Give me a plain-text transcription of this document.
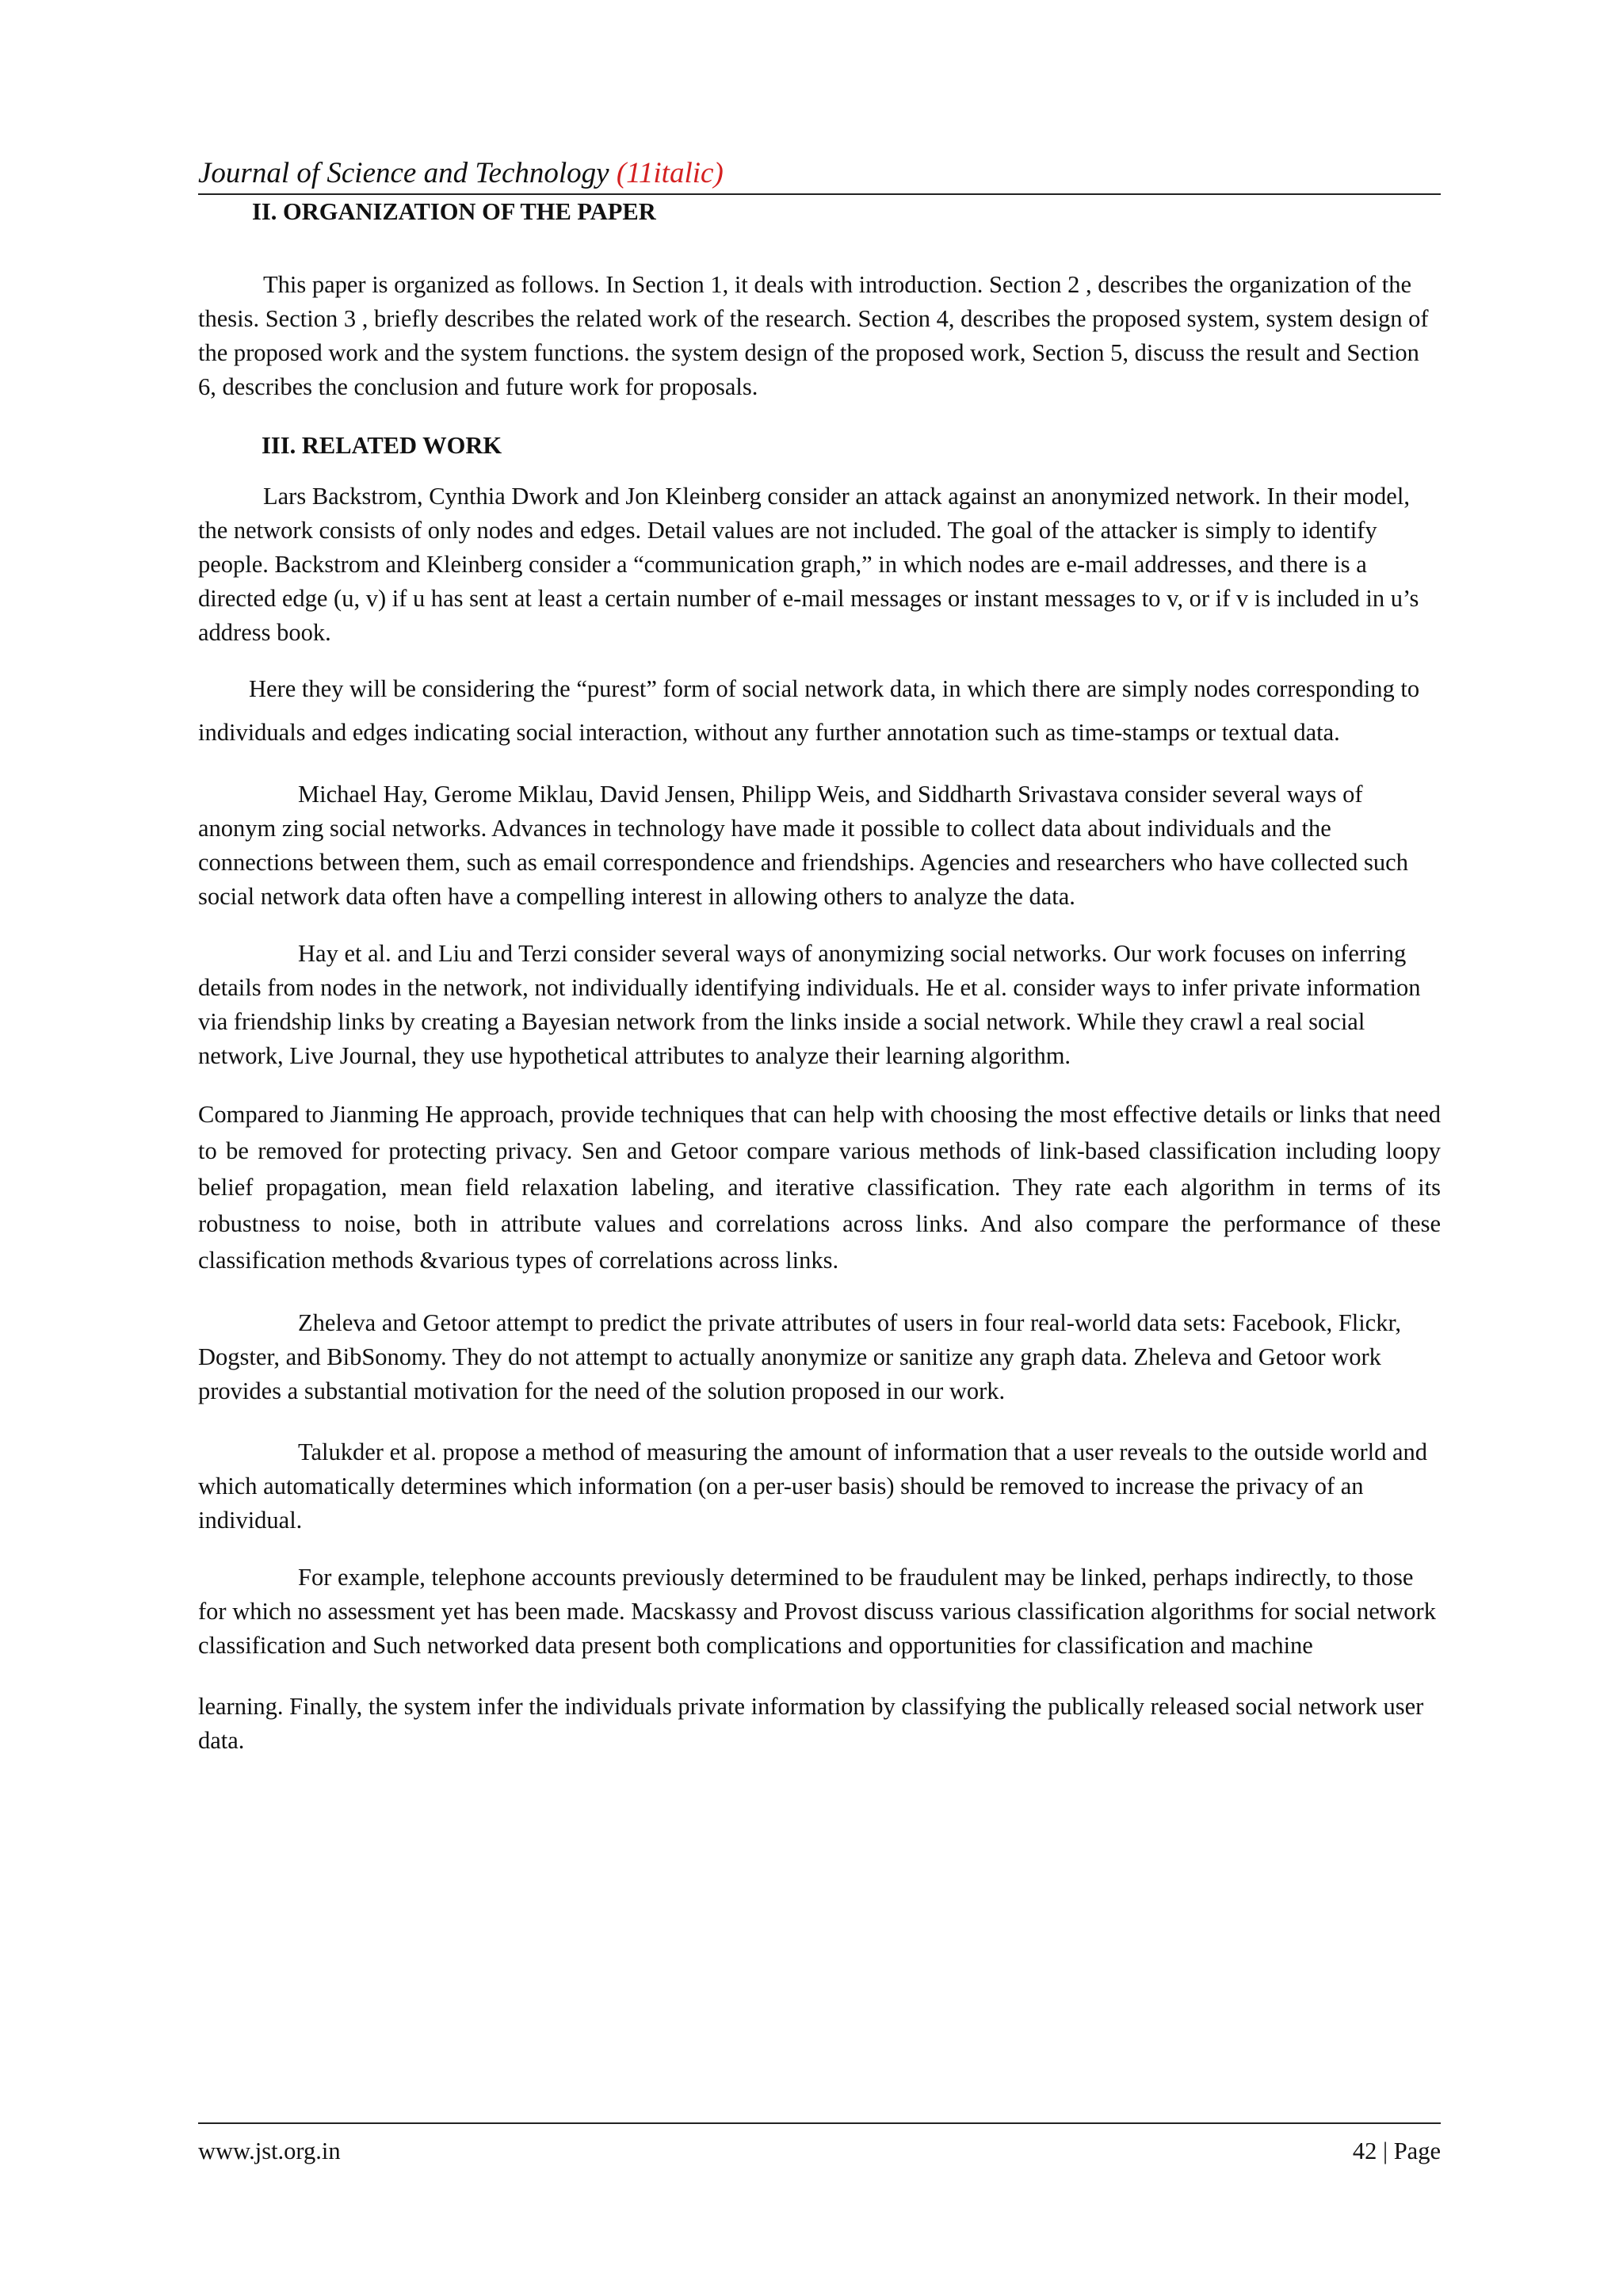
Journal of Science and Technology (11italic)

II. ORGANIZATION OF THE PAPER

This paper is organized as follows. In Section 1, it deals with introduction. Section 2 , describes the organization of the thesis. Section 3 , briefly describes the related work of the research. Section 4, describes the proposed system, system design of the proposed work and the system functions. the system design of the proposed work, Section 5, discuss the result and Section 6, describes the conclusion and future work for proposals.

III. RELATED WORK

Lars Backstrom, Cynthia Dwork and Jon Kleinberg consider an attack against an anonymized network. In their model, the network consists of only nodes and edges. Detail values are not included. The goal of the attacker is simply to identify people. Backstrom and Kleinberg consider a “communication graph,” in which nodes are e-mail addresses, and there is a directed edge (u, v) if u has sent at least a certain number of e-mail messages or instant messages to v, or if v is included in u’s address book.

Here they will be considering the “purest” form of social network data, in which there are simply nodes corresponding to individuals and edges indicating social interaction, without any further annotation such as time-stamps or textual data.

Michael Hay, Gerome Miklau, David Jensen, Philipp Weis, and Siddharth Srivastava consider several ways of anonym zing social networks. Advances in technology have made it possible to collect data about individuals and the connections between them, such as email correspondence and friendships. Agencies and researchers who have collected such social network data often have a compelling interest in allowing others to analyze the data.

Hay et al. and Liu and Terzi consider several ways of anonymizing social networks. Our work focuses on inferring details from nodes in the network, not individually identifying individuals. He et al. consider ways to infer private information via friendship links by creating a Bayesian network from the links inside a social network. While they crawl a real social network, Live Journal, they use hypothetical attributes to analyze their learning algorithm.

Compared to Jianming He approach, provide techniques that can help with choosing the most effective details or links that need to be removed for protecting privacy. Sen and Getoor compare various methods of link-based classification including loopy belief propagation, mean field relaxation labeling, and iterative classification. They rate each algorithm in terms of its robustness to noise, both in attribute values and correlations across links. And also compare the performance of these classification methods &various types of correlations across links.

Zheleva and Getoor attempt to predict the private attributes of users in four real-world data sets: Facebook, Flickr, Dogster, and BibSonomy. They do not attempt to actually anonymize or sanitize any graph data. Zheleva and Getoor work provides a substantial motivation for the need of the solution proposed in our work.

Talukder et al. propose a method of measuring the amount of information that a user reveals to the outside world and which automatically determines which information (on a per-user basis) should be removed to increase the privacy of an individual.

For example, telephone accounts previously determined to be fraudulent may be linked, perhaps indirectly, to those for which no assessment yet has been made. Macskassy and Provost discuss various classification algorithms for social network classification and Such networked data present both complications and opportunities for classification and machine

learning. Finally, the system infer the individuals private information by classifying the publically released social network user data.

www.jst.org.in	42 | Page
